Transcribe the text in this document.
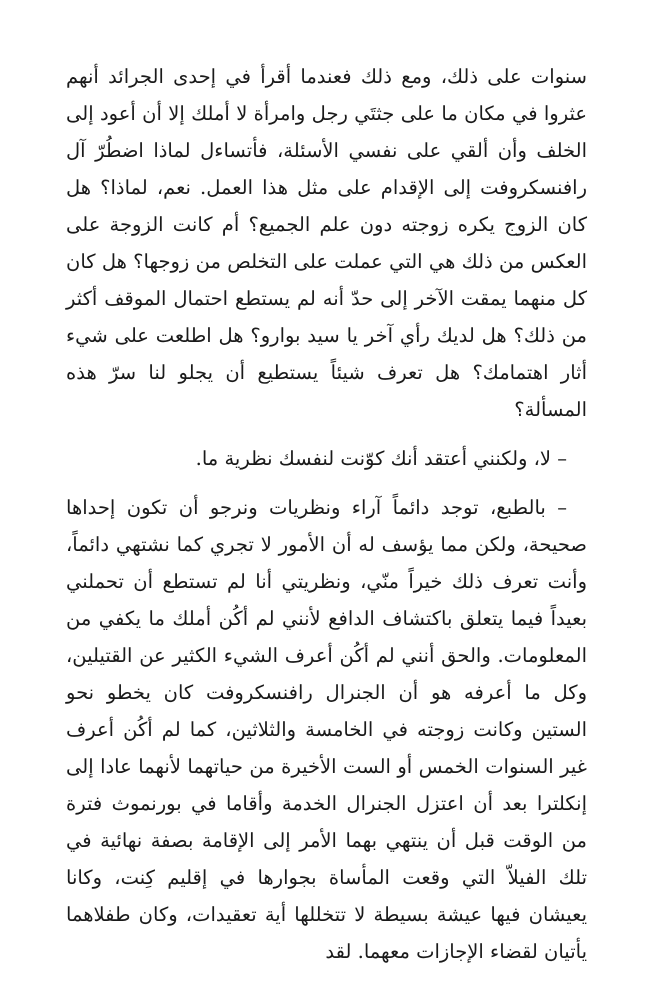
سنوات على ذلك، ومع ذلك فعندما أقرأ في إحدى الجرائد أنهم عثروا في مكان ما على جثتَي رجل وامرأة لا أملك إلا أن أعود إلى الخلف وأن ألقي على نفسي الأسئلة، فأتساءل لماذا اضطُرّ آل رافنسكروفت إلى الإقدام على مثل هذا العمل. نعم، لماذا؟ هل كان الزوج يكره زوجته دون علم الجميع؟ أم كانت الزوجة على العكس من ذلك هي التي عملت على التخلص من زوجها؟ هل كان كل منهما يمقت الآخر إلى حدّ أنه لم يستطع احتمال الموقف أكثر من ذلك؟ هل لديك رأي آخر يا سيد بوارو؟ هل اطلعت على شيء أثار اهتمامك؟ هل تعرف شيئاً يستطيع أن يجلو لنا سرّ هذه المسألة؟

– لا، ولكنني أعتقد أنك كوّنت لنفسك نظرية ما.

– بالطبع، توجد دائماً آراء ونظريات ونرجو أن تكون إحداها صحيحة، ولكن مما يؤسف له أن الأمور لا تجري كما نشتهي دائماً، وأنت تعرف ذلك خيراً منّي، ونظريتي أنا لم تستطع أن تحملني بعيداً فيما يتعلق باكتشاف الدافع لأنني لم أكُن أملك ما يكفي من المعلومات. والحق أنني لم أكُن أعرف الشيء الكثير عن القتيلين، وكل ما أعرفه هو أن الجنرال رافنسكروفت كان يخطو نحو الستين وكانت زوجته في الخامسة والثلاثين، كما لم أكُن أعرف غير السنوات الخمس أو الست الأخيرة من حياتهما لأنهما عادا إلى إنكلترا بعد أن اعتزل الجنرال الخدمة وأقاما في بورنموث فترة من الوقت قبل أن ينتهي بهما الأمر إلى الإقامة بصفة نهائية في تلك الفيلاّ التي وقعت المأساة بجوارها في إقليم كِنت، وكانا يعيشان فيها عيشة بسيطة لا تتخللها أية تعقيدات، وكان طفلاهما يأتيان لقضاء الإجازات معهما. لقد
